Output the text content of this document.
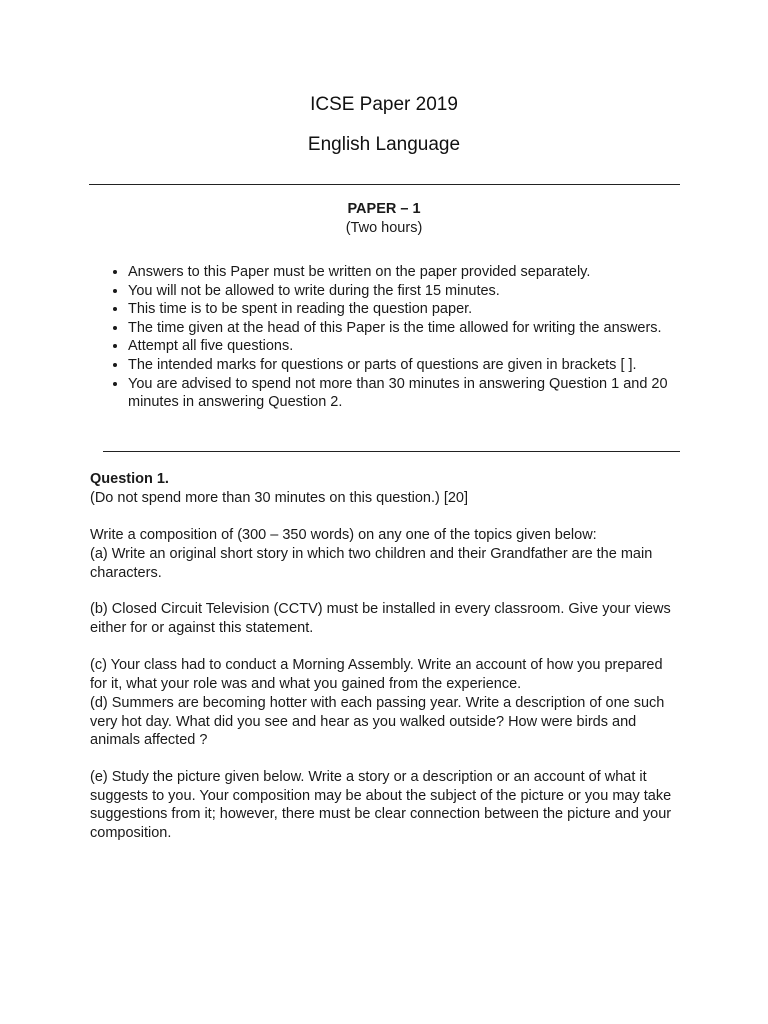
ICSE Paper 2019
English Language
PAPER – 1
(Two hours)
• Answers to this Paper must be written on the paper provided separately.
• You will not be allowed to write during the first 15 minutes.
• This time is to be spent in reading the question paper.
• The time given at the head of this Paper is the time allowed for writing the answers.
• Attempt all five questions.
• The intended marks for questions or parts of questions are given in brackets [ ].
• You are advised to spend not more than 30 minutes in answering Question 1 and 20 minutes in answering Question 2.

Question 1.

(Do not spend more than 30 minutes on this question.) [20]

Write a composition of (300 – 350 words) on any one of the topics given below:

(a) Write an original short story in which two children and their Grandfather are the main characters.

(b) Closed Circuit Television (CCTV) must be installed in every classroom. Give your views either for or against this statement.

(c) Your class had to conduct a Morning Assembly. Write an account of how you prepared for it, what your role was and what you gained from the experience.

(d) Summers are becoming hotter with each passing year. Write a description of one such very hot day. What did you see and hear as you walked outside? How were birds and animals affected ?

(e) Study the picture given below. Write a story or a description or an account of what it suggests to you. Your composition may be about the subject of the picture or you may take suggestions from it; however, there must be clear connection between the picture and your composition.
